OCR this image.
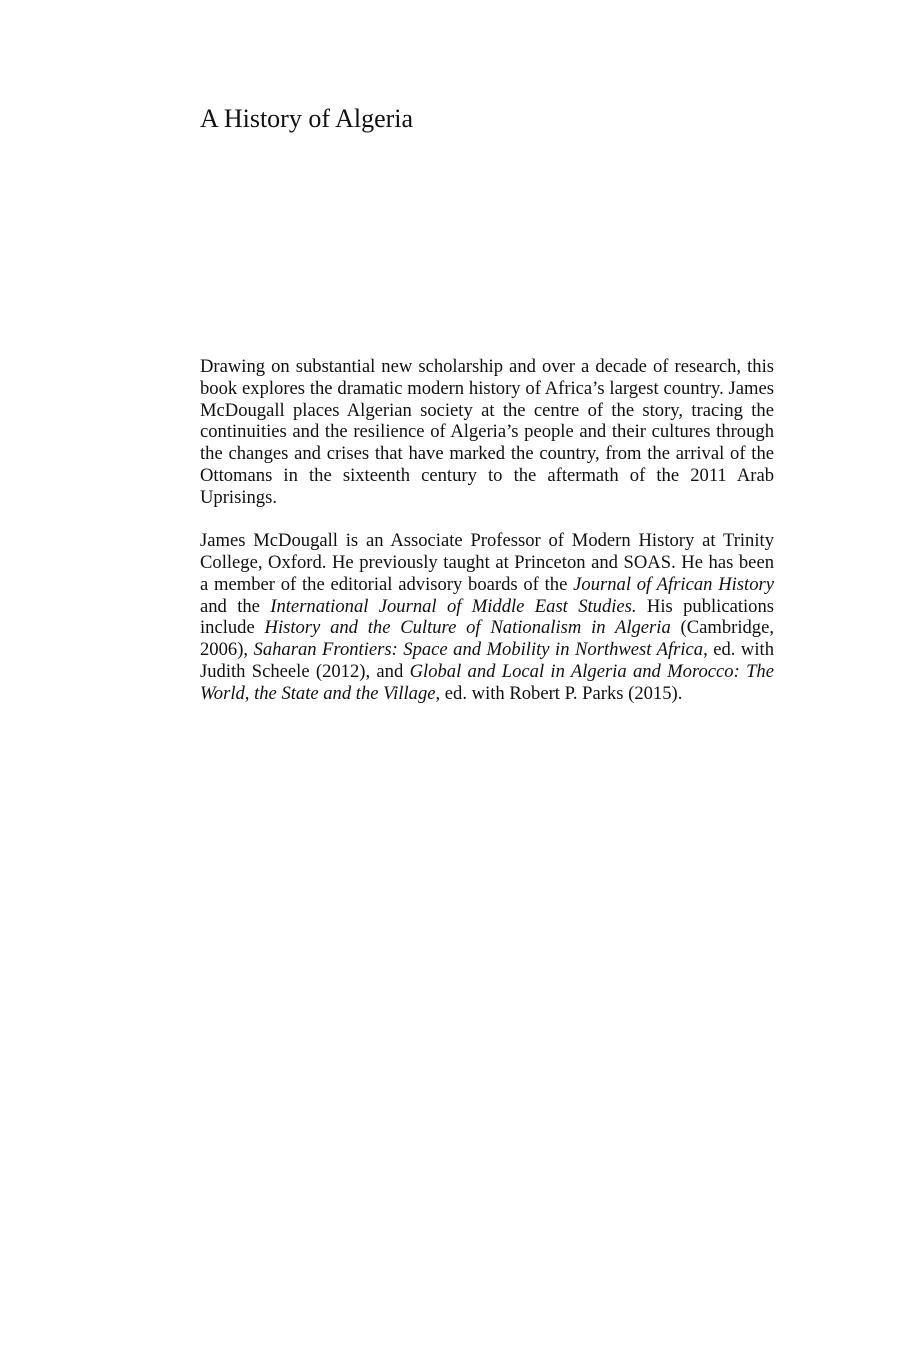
A History of Algeria

Drawing on substantial new scholarship and over a decade of research, this book explores the dramatic modern history of Africa’s largest country. James McDougall places Algerian society at the centre of the story, tracing the continuities and the resilience of Algeria’s people and their cultures through the changes and crises that have marked the country, from the arrival of the Ottomans in the sixteenth century to the aftermath of the 2011 Arab Uprisings.

James McDougall is an Associate Professor of Modern History at Trinity College, Oxford. He previously taught at Princeton and SOAS. He has been a member of the editorial advisory boards of the Journal of African History and the International Journal of Middle East Studies. His publications include History and the Culture of Nationalism in Algeria (Cambridge, 2006), Saharan Frontiers: Space and Mobility in Northwest Africa, ed. with Judith Scheele (2012), and Global and Local in Algeria and Morocco: The World, the State and the Village, ed. with Robert P. Parks (2015).
